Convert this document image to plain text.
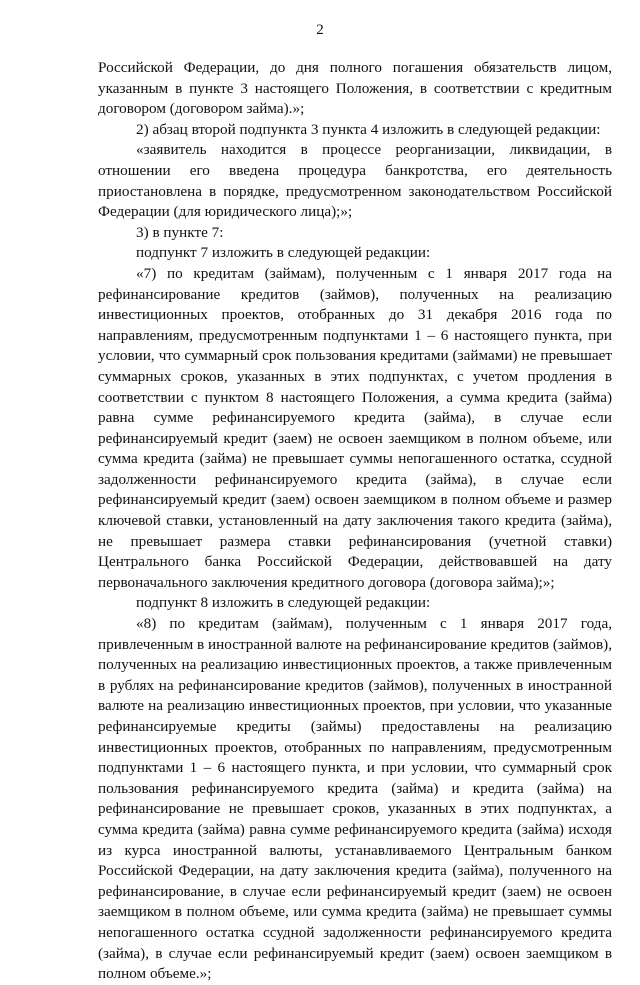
2

Российской Федерации, до дня полного погашения обязательств лицом, указанным в пункте 3 настоящего Положения, в соответствии с кредитным договором (договором займа).»;

2) абзац второй подпункта 3 пункта 4 изложить в следующей редакции:

«заявитель находится в процессе реорганизации, ликвидации, в отношении его введена процедура банкротства, его деятельность приостановлена в порядке, предусмотренном законодательством Российской Федерации (для юридического лица);»;

3) в пункте 7:

подпункт 7 изложить в следующей редакции:

«7) по кредитам (займам), полученным с 1 января 2017 года на рефинансирование кредитов (займов), полученных на реализацию инвестиционных проектов, отобранных до 31 декабря 2016 года по направлениям, предусмотренным подпунктами 1 – 6 настоящего пункта, при условии, что суммарный срок пользования кредитами (займами) не превышает суммарных сроков, указанных в этих подпунктах, с учетом продления в соответствии с пунктом 8 настоящего Положения, а сумма кредита (займа) равна сумме рефинансируемого кредита (займа), в случае если рефинансируемый кредит (заем) не освоен заемщиком в полном объеме, или сумма кредита (займа) не превышает суммы непогашенного остатка, ссудной задолженности рефинансируемого кредита (займа), в случае если рефинансируемый кредит (заем) освоен заемщиком в полном объеме и размер ключевой ставки, установленный на дату заключения такого кредита (займа), не превышает размера ставки рефинансирования (учетной ставки) Центрального банка Российской Федерации, действовавшей на дату первоначального заключения кредитного договора (договора займа);»;

подпункт 8 изложить в следующей редакции:

«8) по кредитам (займам), полученным с 1 января 2017 года, привлеченным в иностранной валюте на рефинансирование кредитов (займов), полученных на реализацию инвестиционных проектов, а также привлеченным в рублях на рефинансирование кредитов (займов), полученных в иностранной валюте на реализацию инвестиционных проектов, при условии, что указанные рефинансируемые кредиты (займы) предоставлены на реализацию инвестиционных проектов, отобранных по направлениям, предусмотренным подпунктами 1 – 6 настоящего пункта, и при условии, что суммарный срок пользования рефинансируемого кредита (займа) и кредита (займа) на рефинансирование не превышает сроков, указанных в этих подпунктах, а сумма кредита (займа) равна сумме рефинансируемого кредита (займа) исходя из курса иностранной валюты, устанавливаемого Центральным банком Российской Федерации, на дату заключения кредита (займа), полученного на рефинансирование, в случае если рефинансируемый кредит (заем) не освоен заемщиком в полном объеме, или сумма кредита (займа) не превышает суммы непогашенного остатка ссудной задолженности рефинансируемого кредита (займа), в случае если рефинансируемый кредит (заем) освоен заемщиком в полном объеме.»;
